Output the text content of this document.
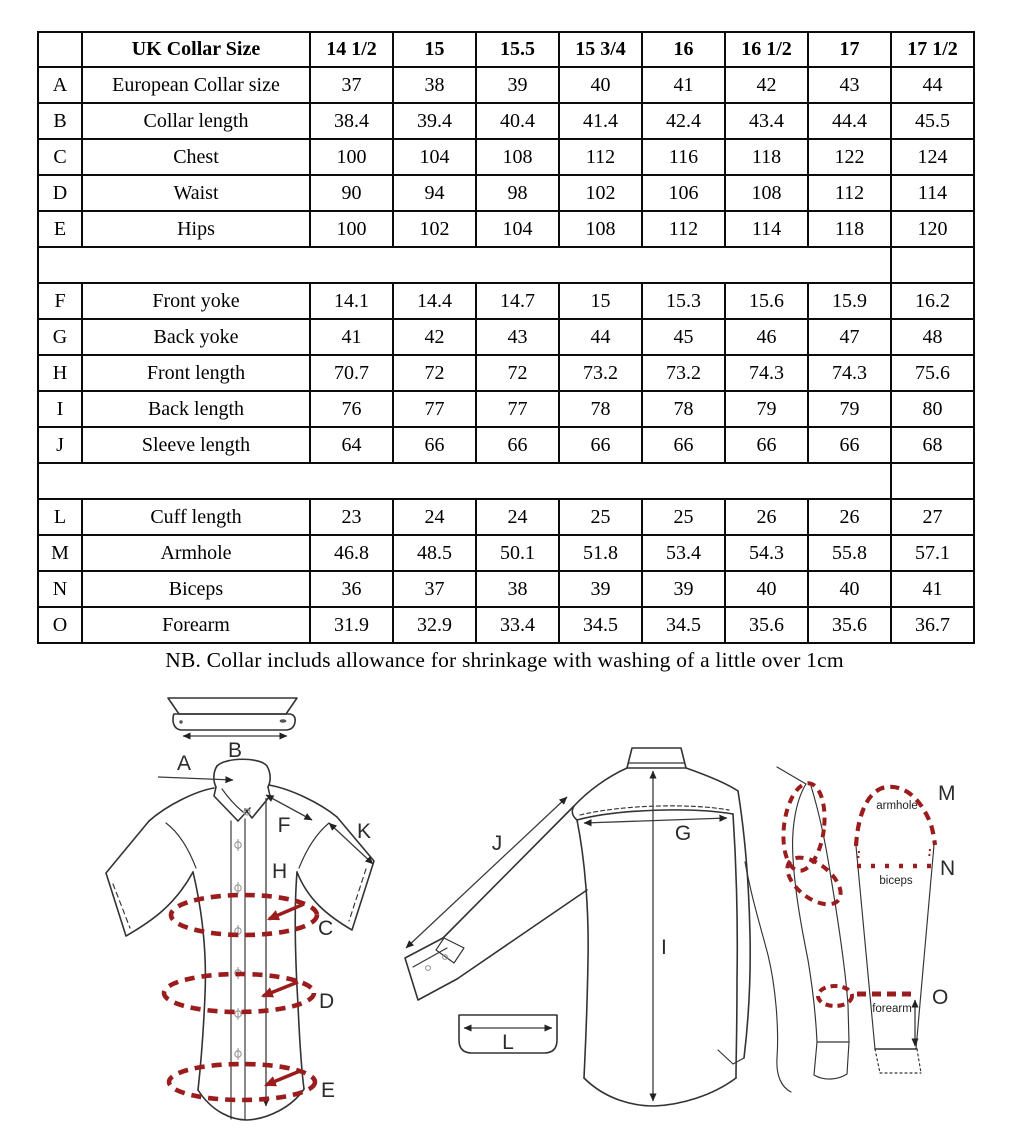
	UK Collar Size	14 1/2	15	15.5	15 3/4	16	16 1/2	17	17 1/2
A	European Collar size	37	38	39	40	41	42	43	44
B	Collar length	38.4	39.4	40.4	41.4	42.4	43.4	44.4	45.5
C	Chest	100	104	108	112	116	118	122	124
D	Waist	90	94	98	102	106	108	112	114
E	Hips	100	102	104	108	112	114	118	120

F	Front yoke	14.1	14.4	14.7	15	15.3	15.6	15.9	16.2
G	Back yoke	41	42	43	44	45	46	47	48
H	Front length	70.7	72	72	73.2	73.2	74.3	74.3	75.6
I	Back length	76	77	77	78	78	79	79	80
J	Sleeve length	64	66	66	66	66	66	66	68

L	Cuff length	23	24	24	25	25	26	26	27
M	Armhole	46.8	48.5	50.1	51.8	53.4	54.3	55.8	57.1
N	Biceps	36	37	38	39	39	40	40	41
O	Forearm	31.9	32.9	33.4	34.5	34.5	35.6	35.6	36.7
NB. Collar includs allowance for shrinkage with washing of a little over 1cm
B
A
F	K
H
C
D
E
J	G
I
L
armhole
biceps
forearm
M
N
O
